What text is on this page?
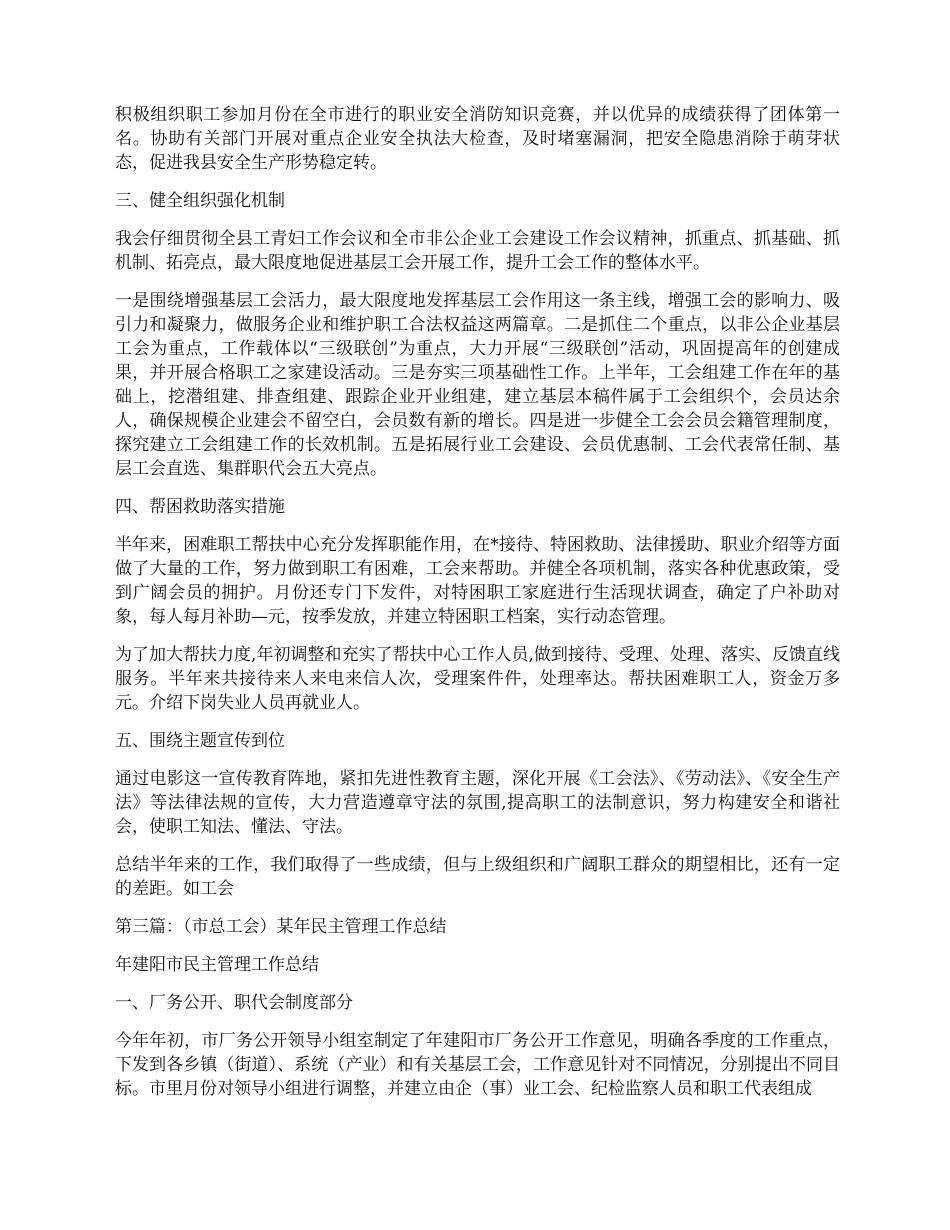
积极组织职工参加月份在全市进行的职业安全消防知识竞赛，并以优异的成绩获得了团体第一名。协助有关部门开展对重点企业安全执法大检查，及时堵塞漏洞，把安全隐患消除于萌芽状态，促进我县安全生产形势稳定转。

三、健全组织强化机制

我会仔细贯彻全县工青妇工作会议和全市非公企业工会建设工作会议精神，抓重点、抓基础、抓机制、拓亮点，最大限度地促进基层工会开展工作，提升工会工作的整体水平。

一是围绕增强基层工会活力，最大限度地发挥基层工会作用这一条主线，增强工会的影响力、吸引力和凝聚力，做服务企业和维护职工合法权益这两篇章。二是抓住二个重点，以非公企业基层工会为重点，工作载体以“三级联创”为重点，大力开展“三级联创”活动，巩固提高年的创建成果，并开展合格职工之家建设活动。三是夯实三项基础性工作。上半年，工会组建工作在年的基础上，挖潜组建、排查组建、跟踪企业开业组建，建立基层本稿件属于工会组织个，会员达余人，确保规模企业建会不留空白，会员数有新的增长。四是进一步健全工会会员会籍管理制度，探究建立工会组建工作的长效机制。五是拓展行业工会建设、会员优惠制、工会代表常任制、基层工会直选、集群职代会五大亮点。

四、帮困救助落实措施

半年来，困难职工帮扶中心充分发挥职能作用，在*接待、特困救助、法律援助、职业介绍等方面做了大量的工作，努力做到职工有困难，工会来帮助。并健全各项机制，落实各种优惠政策，受到广阔会员的拥护。月份还专门下发件，对特困职工家庭进行生活现状调查，确定了户补助对象，每人每月补助—元，按季发放，并建立特困职工档案，实行动态管理。

为了加大帮扶力度,年初调整和充实了帮扶中心工作人员,做到接待、受理、处理、落实、反馈直线服务。半年来共接待来人来电来信人次，受理案件件，处理率达。帮扶困难职工人，资金万多元。介绍下岗失业人员再就业人。

五、围绕主题宣传到位

通过电影这一宣传教育阵地，紧扣先进性教育主题，深化开展《工会法》、《劳动法》、《安全生产法》等法律法规的宣传，大力营造遵章守法的氛围,提高职工的法制意识，努力构建安全和谐社会，使职工知法、懂法、守法。

总结半年来的工作，我们取得了一些成绩，但与上级组织和广阔职工群众的期望相比，还有一定的差距。如工会

第三篇：（市总工会）某年民主管理工作总结

年建阳市民主管理工作总结

一、厂务公开、职代会制度部分

今年年初，市厂务公开领导小组室制定了年建阳市厂务公开工作意见，明确各季度的工作重点，下发到各乡镇（街道）、系统（产业）和有关基层工会，工作意见针对不同情况，分别提出不同目标。市里月份对领导小组进行调整，并建立由企（事）业工会、纪检监察人员和职工代表组成
